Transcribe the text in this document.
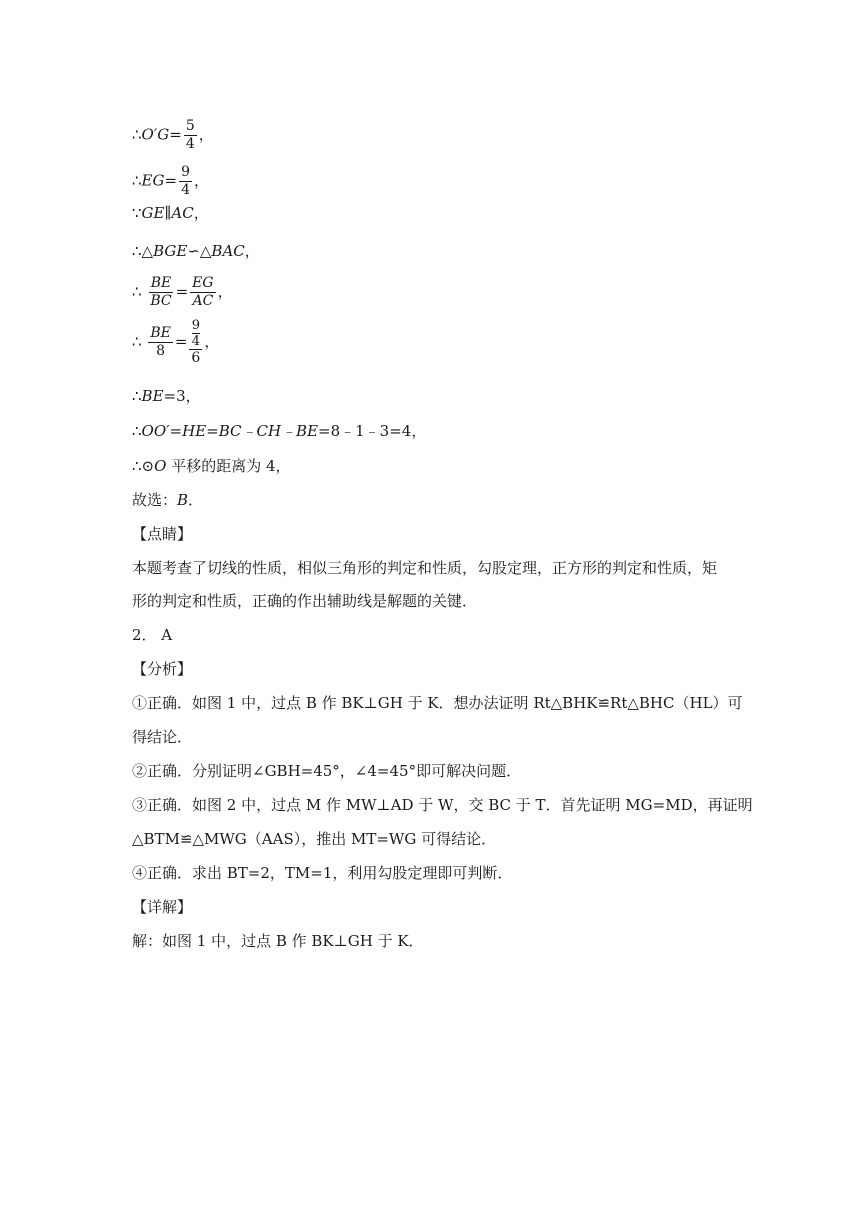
∴O′G= $\frac{5}{4}$ ，
∴EG= $\frac{9}{4}$ ，
∵GE∥AC，
∴△BGE∽△BAC，
∴ $\frac{BE}{BC} = \frac{EG}{AC}$ ，
∴ $\frac{BE}{8} = \frac{\frac{9}{4}}{6}$ ，
∴BE=3，
∴OO′=HE=BC﹣CH﹣BE=8﹣1﹣3=4，
∴⊙O 平移的距离为 4，
故选：B．
【点睛】
本题考查了切线的性质，相似三角形的判定和性质，勾股定理，正方形的判定和性质，矩
形的判定和性质，正确的作出辅助线是解题的关键．
2． A
【分析】
①正确．如图 1 中，过点 B 作 BK⊥GH 于 K．想办法证明 Rt△BHK≌Rt△BHC（HL）可
得结论．
②正确．分别证明∠GBH=45°，∠4=45°即可解决问题．
③正确．如图 2 中，过点 M 作 MW⊥AD 于 W，交 BC 于 T．首先证明 MG=MD，再证明
△BTM≌△MWG（AAS），推出 MT=WG 可得结论．
④正确．求出 BT=2，TM=1，利用勾股定理即可判断．
【详解】
解：如图 1 中，过点 B 作 BK⊥GH 于 K．
